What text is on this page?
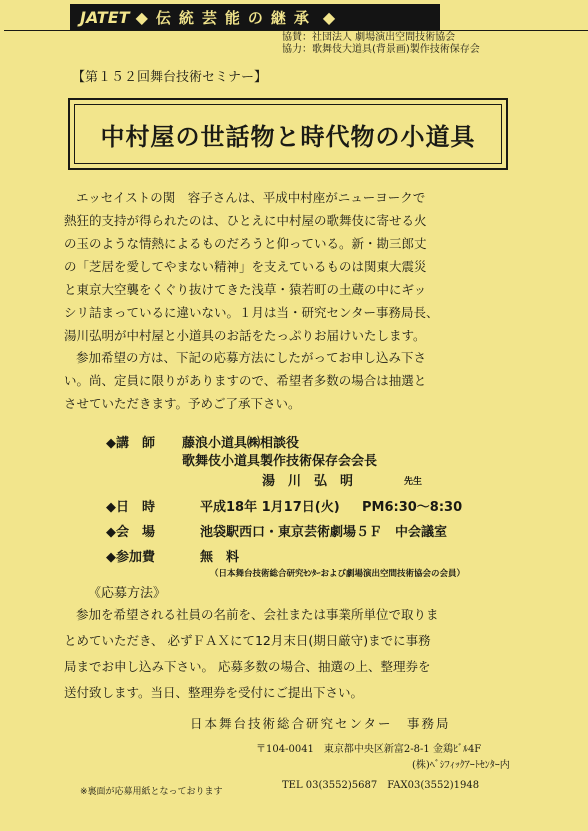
JATET ◆ 伝統芸能の継承 ◆
協賛：社団法人 劇場演出空間技術協会
協力：歌舞伎大道具(背景画)製作技術保存会
【第１５２回舞台技術セミナー】
中村屋の世話物と時代物の小道具
エッセイストの関　容子さんは、平成中村座がニューヨークで
熱狂的支持が得られたのは、ひとえに中村屋の歌舞伎に寄せる火
の玉のような情熱によるものだろうと仰っている。新・勘三郎丈
の「芝居を愛してやまない精神」を支えているものは関東大震災
と東京大空襲をくぐり抜けてきた浅草・猿若町の土蔵の中にギッ
シリ詰まっているに違いない。１月は当・研究センター事務局長、
湯川弘明が中村屋と小道具のお話をたっぷりお届けいたします。
参加希望の方は、下記の応募方法にしたがってお申し込み下さ
い。尚、定員に限りがありますので、希望者多数の場合は抽選と
させていただきます。予めご了承下さい。
◆講　師 藤浪小道具㈱相談役
歌舞伎小道具製作技術保存会会長
湯　川　弘　明	先生
◆日　時	平成18年 1月17日(火) PM6:30～8:30
◆会　場	池袋駅西口・東京芸術劇場５Ｆ　中会議室
◆参加費	無　料
（日本舞台技術総合研究ｾﾝﾀｰおよび劇場演出空間技術協会の会員）
《応募方法》
参加を希望される社員の名前を、会社または事業所単位で取りま
とめていただき、 必ずＦＡＸにて12月末日(期日厳守)までに事務
局までお申し込み下さい。 応募多数の場合、抽選の上、整理券を
送付致します。当日、整理券を受付にご提出下さい。
日本舞台技術総合研究センター　事務局
〒104-0041　東京都中央区新富2-8-1 金鶏ﾋﾞﾙ4F
(株)ﾍﾞｼﾌｨｯｸｱｰﾄｾﾝﾀｰ内
※裏面が応募用紙となっております
TEL 03(3552)5687　FAX03(3552)1948
